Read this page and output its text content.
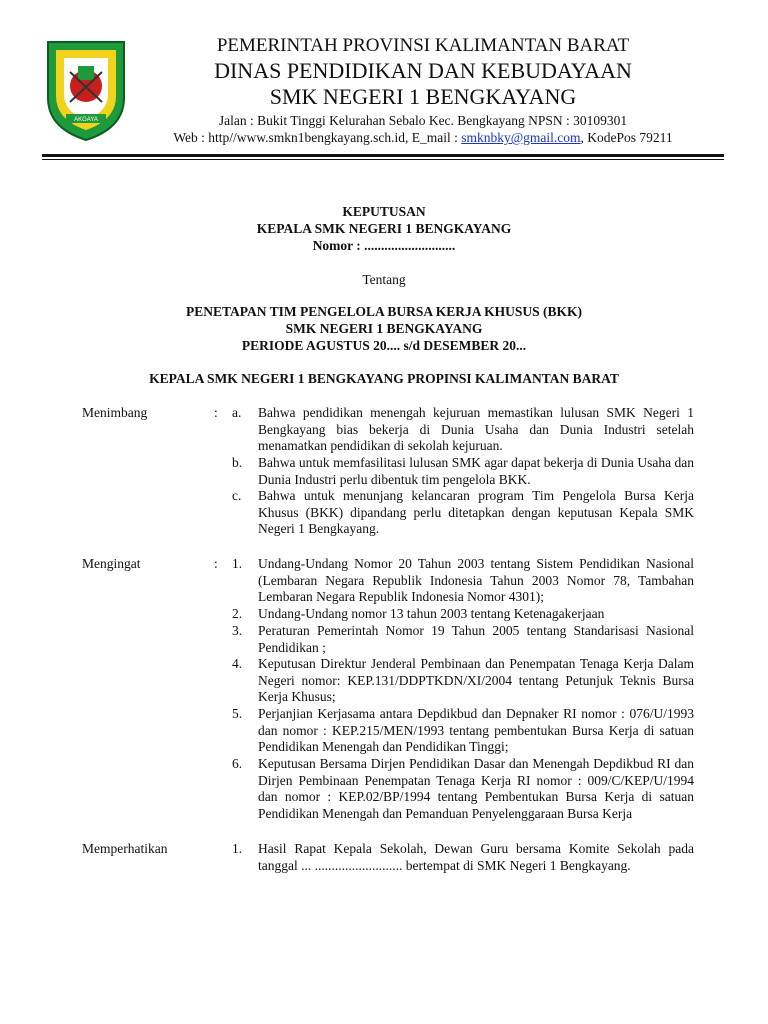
AKGAYA
PEMERINTAH PROVINSI KALIMANTAN BARAT
DINAS PENDIDIKAN DAN KEBUDAYAAN
SMK NEGERI 1 BENGKAYANG
Jalan : Bukit Tinggi Kelurahan Sebalo Kec. Bengkayang NPSN : 30109301
Web : http//www.smkn1bengkayang.sch.id, E_mail : smknbky@gmail.com, KodePos 79211
KEPUTUSAN
KEPALA SMK NEGERI 1 BENGKAYANG
Nomor : ...........................
Tentang
PENETAPAN TIM PENGELOLA BURSA KERJA KHUSUS (BKK)
SMK NEGERI 1 BENGKAYANG
PERIODE AGUSTUS 20.... s/d DESEMBER 20...
KEPALA SMK NEGERI 1 BENGKAYANG PROPINSI KALIMANTAN BARAT
Menimbang	: a.	Bahwa pendidikan menengah kejuruan memastikan lulusan SMK Negeri 1 Bengkayang bias bekerja di Dunia Usaha dan Dunia Industri setelah menamatkan pendidikan di sekolah kejuruan.
b.	Bahwa untuk memfasilitasi lulusan SMK agar dapat bekerja di Dunia Usaha dan Dunia Industri perlu dibentuk tim pengelola BKK.
c.	Bahwa untuk menunjang kelancaran program Tim Pengelola Bursa Kerja Khusus (BKK) dipandang perlu ditetapkan dengan keputusan Kepala SMK Negeri 1 Bengkayang.
Mengingat	: 1.	Undang-Undang Nomor 20 Tahun 2003 tentang Sistem Pendidikan Nasional (Lembaran Negara Republik Indonesia Tahun 2003 Nomor 78, Tambahan Lembaran Negara Republik Indonesia Nomor 4301);
2.	Undang-Undang nomor 13 tahun 2003 tentang Ketenagakerjaan
3.	Peraturan Pemerintah Nomor 19 Tahun 2005 tentang Standarisasi Nasional Pendidikan ;
4.	Keputusan Direktur Jenderal Pembinaan dan Penempatan Tenaga Kerja Dalam Negeri nomor: KEP.131/DDPTKDN/XI/2004 tentang Petunjuk Teknis Bursa Kerja Khusus;
5.	Perjanjian Kerjasama antara Depdikbud dan Depnaker RI nomor : 076/U/1993 dan nomor : KEP.215/MEN/1993 tentang pembentukan Bursa Kerja di satuan Pendidikan Menengah dan Pendidikan Tinggi;
6.	Keputusan Bersama Dirjen Pendidikan Dasar dan Menengah Depdikbud RI dan Dirjen Pembinaan Penempatan Tenaga Kerja RI nomor : 009/C/KEP/U/1994 dan nomor : KEP.02/BP/1994 tentang Pembentukan Bursa Kerja di satuan Pendidikan Menengah dan Pemanduan Penyelenggaraan Bursa Kerja
Memperhatikan	1.	Hasil Rapat Kepala Sekolah, Dewan Guru bersama Komite Sekolah pada tanggal ... .......................... bertempat di SMK Negeri 1 Bengkayang.
